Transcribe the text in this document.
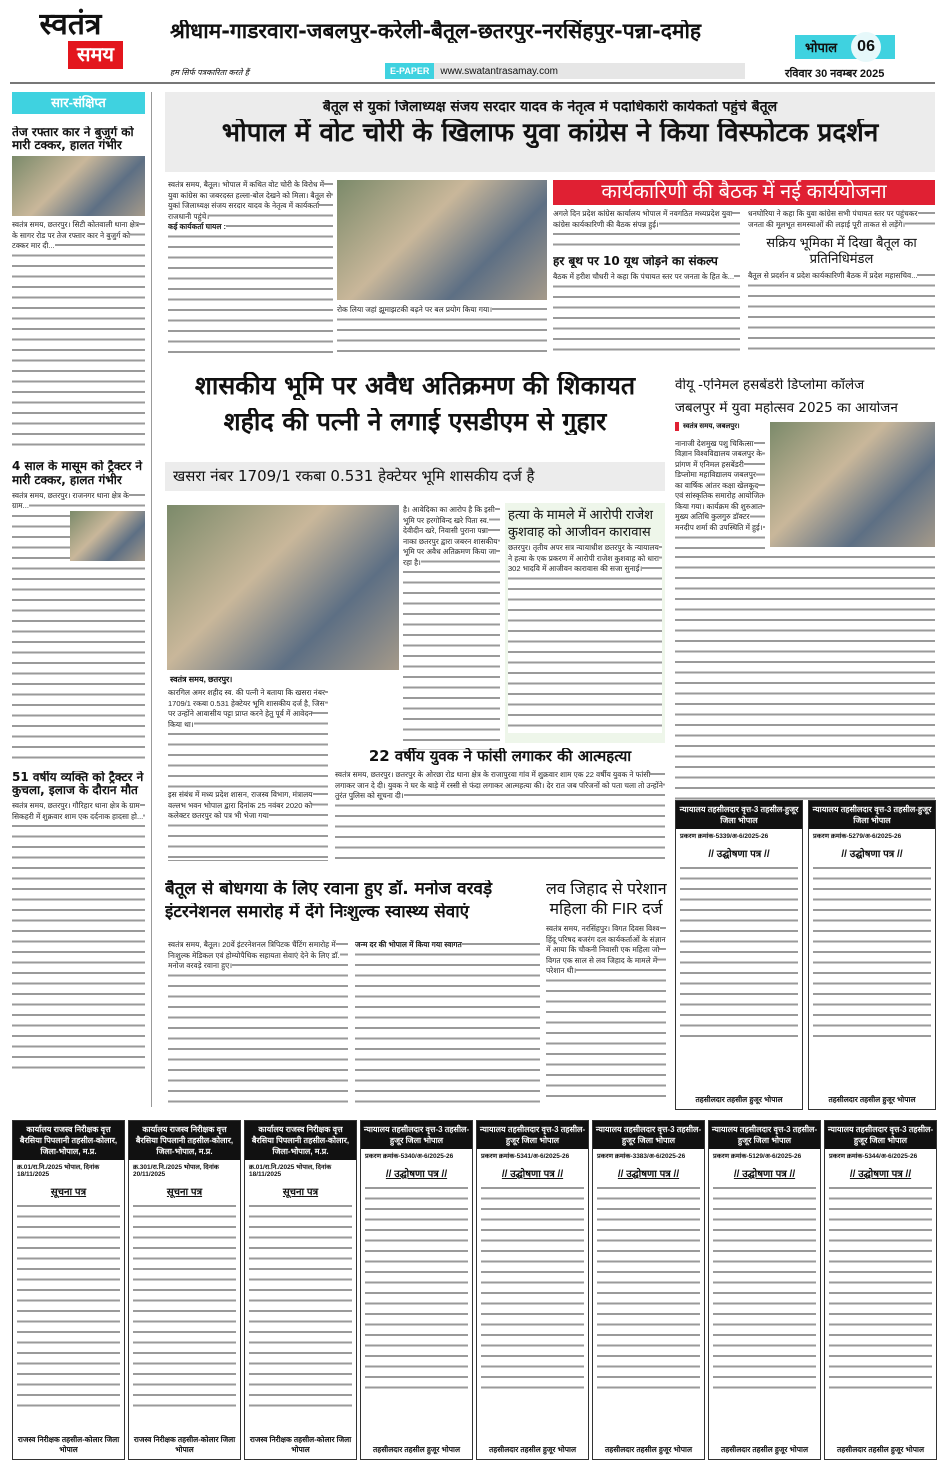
स्वतंत्र
समय
श्रीधाम-गाडरवारा-जबलपुर-करेली-बैतूल-छतरपुर-नरसिंहपुर-पन्ना-दमोह
भोपाल	06
हम सिर्फ पत्रकारिता करते हैं	E-PAPER	www.swatantrasamay.com	रविवार 30 नवम्बर 2025
सार-संक्षिप्त
तेज रफ्तार कार ने बुजुर्ग को मारी टक्कर, हालत गंभीर
स्वतंत्र समय, छतरपुर। सिटी कोतवाली थाना क्षेत्र के सागर रोड पर तेज रफ्तार कार ने बुजुर्ग को टक्कर मार दी...
4 साल के मासूम को ट्रैक्टर ने मारी टक्कर, हालत गंभीर
स्वतंत्र समय, छतरपुर। राजनगर थाना क्षेत्र के ग्राम...
51 वर्षीय व्यक्ति को ट्रैक्टर ने कुचला, इलाज के दौरान मौत
स्वतंत्र समय, छतरपुर। गौरिहार थाना क्षेत्र के ग्राम सिकहरी में शुक्रवार शाम एक दर्दनाक हादसा हो...
बैतूल से युकां जिलाध्यक्ष संजय सरदार यादव के नेतृत्व में पदाधिकारी कार्यकर्ता पहुंचे बैतूल
भोपाल में वोट चोरी के खिलाफ युवा कांग्रेस ने किया विस्फोटक प्रदर्शन
स्वतंत्र समय, बैतूल। भोपाल में कथित वोट चोरी के विरोध में युवा कांग्रेस का जबरदस्त हल्ला-बोल देखने को मिला। बैतूल से युकां जिलाध्यक्ष संजय सरदार यादव के नेतृत्व में कार्यकर्ता राजधानी पहुंचे।
कई कार्यकर्ता घायल :
रोक लिया जहां झूमाझटकी बढ़ने पर बल प्रयोग किया गया।
कार्यकारिणी की बैठक में नई कार्ययोजना
अगले दिन प्रदेश कांग्रेस कार्यालय भोपाल में नवगठित मध्यप्रदेश युवा कांग्रेस कार्यकारिणी की बैठक संपन्न हुई।
हर बूथ पर 10 यूथ जोड़ने का संकल्प
बैठक में हरीश चौधरी ने कहा कि पंचायत स्तर पर जनता के हित के...
धनघोरिया ने कहा कि युवा कांग्रेस सभी पंचायत स्तर पर पहुंचकर जनता की मूलभूत समस्याओं की लड़ाई पूरी ताकत से लड़ेंगे।
सक्रिय भूमिका में दिखा बैतूल का प्रतिनिधिमंडल
बैतूल से प्रदर्शन व प्रदेश कार्यकारिणी बैठक में प्रदेश महासचिव...
शासकीय भूमि पर अवैध अतिक्रमण की शिकायत
शहीद की पत्नी ने लगाई एसडीएम से गुहार
खसरा नंबर 1709/1 रकबा 0.531 हेक्टेयर भूमि शासकीय दर्ज है
स्वतंत्र समय, छतरपुर।
है। आवेदिका का आरोप है कि इसी भूमि पर हरगोविन्द खरे पिता स्व. देवीदीन खरे, निवासी पुराना पन्ना नाका छतरपुर द्वारा जबरन शासकीय भूमि पर अवैध अतिक्रमण किया जा रहा है।
कारगिल अमर शहीद स्व. की पत्नी ने बताया कि खसरा नंबर 1709/1 रकबा 0.531 हेक्टेयर भूमि शासकीय दर्ज है, जिस पर उन्होंने आवासीय पट्टा प्राप्त करने हेतु पूर्व में आवेदन किया था।
हत्या के मामले में आरोपी राजेश कुशवाह को आजीवन कारावास
छतरपुर। तृतीय अपर सत्र न्यायाधीश छतरपुर के न्यायालय ने हत्या के एक प्रकरण में आरोपी राजेश कुशवाह को धारा 302 भादवि में आजीवन कारावास की सजा सुनाई।
22 वर्षीय युवक ने फांसी लगाकर की आत्महत्या
स्वतंत्र समय, छतरपुर। छतरपुर के ओरछा रोड थाना क्षेत्र के राजापुरवा गांव में शुक्रवार शाम एक 22 वर्षीय युवक ने फांसी लगाकर जान दे दी। युवक ने घर के बाड़े में रस्सी से फंदा लगाकर आत्महत्या की। देर रात जब परिजनों को पता चला तो उन्होंने तुरंत पुलिस को सूचना दी।
इस संबंध में मध्य प्रदेश शासन, राजस्व विभाग, मंत्रालय वल्लभ भवन भोपाल द्वारा दिनांक 25 नवंबर 2020 को कलेक्टर छतरपुर को पत्र भी भेजा गया
वीयू -एनिमल हसबेंडरी डिप्लोमा कॉलेज
जबलपुर में युवा महोत्सव 2025 का आयोजन
स्वतंत्र समय, जबलपुर।
नानाजी देशमुख पशु चिकित्सा विज्ञान विश्वविद्यालय जबलपुर के प्रांगण में एनिमल हसबेंडरी डिप्लोमा महाविद्यालय जबलपुर का वार्षिक आंतर कक्षा खेलकूद एवं सांस्कृतिक समारोह आयोजित किया गया। कार्यक्रम की शुरुआत मुख्य अतिथि कुलगुरु डॉक्टर मनदीप शर्मा की उपस्थिति में हुई।
बैतूल से बोधगया के लिए रवाना हुए डॉ. मनोज वरवड़े
इंटरनेशनल समारोह में देंगे निःशुल्क स्वास्थ्य सेवाएं
स्वतंत्र समय, बैतूल। 20वें इंटरनेशनल त्रिपिटक चैंटिंग समारोह में निःशुल्क मेडिकल एवं होम्योपैथिक सहायता सेवाएं देने के लिए डॉ. मनोज वरवड़े रवाना हुए।
जन्म दर की भोपाल में किया गया स्वागत
लव जिहाद से परेशान
महिला की FIR दर्ज
स्वतंत्र समय, नरसिंहपुर। विगत दिवस विश्व हिंदू परिषद बजरंग दल कार्यकर्ताओं के संज्ञान में आया कि चौकनी निवासी एक महिला जो विगत एक साल से लव जिहाद के मामले में परेशान थी।
न्यायालय तहसीलदार वृत्त-3 तहसील-हुजूर जिला भोपाल
प्रकरण क्रमांक-5339/अ-6/2025-26
// उद्घोषणा पत्र //
तहसीलदार तहसील हुजूर भोपाल
न्यायालय तहसीलदार वृत्त-3 तहसील-हुजूर जिला भोपाल
प्रकरण क्रमांक-5279/अ-6/2025-26
// उद्घोषणा पत्र //
तहसीलदार तहसील हुजूर भोपाल
कार्यालय राजस्व निरीक्षक वृत्त बैरसिया पिपलानी तहसील-कोलार, जिला-भोपाल, म.प्र.
क्र.01/रा.नि./2025 भोपाल, दिनांक 18/11/2025
सूचना पत्र
राजस्व निरीक्षक तहसील-कोलार जिला भोपाल
कार्यालय राजस्व निरीक्षक वृत्त बैरसिया पिपलानी तहसील-कोलार, जिला-भोपाल, म.प्र.
क्र.301/रा.नि./2025 भोपाल, दिनांक 20/11/2025
सूचना पत्र
राजस्व निरीक्षक तहसील-कोलार जिला भोपाल
कार्यालय राजस्व निरीक्षक वृत्त बैरसिया पिपलानी तहसील-कोलार, जिला-भोपाल, म.प्र.
क्र.01/रा.नि./2025 भोपाल, दिनांक 18/11/2025
सूचना पत्र
राजस्व निरीक्षक तहसील-कोलार जिला भोपाल
न्यायालय तहसीलदार वृत्त-3 तहसील-हुजूर जिला भोपाल
प्रकरण क्रमांक-5340/अ-6/2025-26
// उद्घोषणा पत्र //
तहसीलदार तहसील हुजूर भोपाल
न्यायालय तहसीलदार वृत्त-3 तहसील-हुजूर जिला भोपाल
प्रकरण क्रमांक-5341/अ-6/2025-26
// उद्घोषणा पत्र //
तहसीलदार तहसील हुजूर भोपाल
न्यायालय तहसीलदार वृत्त-3 तहसील-हुजूर जिला भोपाल
प्रकरण क्रमांक-3383/अ-6/2025-26
// उद्घोषणा पत्र //
तहसीलदार तहसील हुजूर भोपाल
न्यायालय तहसीलदार वृत्त-3 तहसील-हुजूर जिला भोपाल
प्रकरण क्रमांक-5129/अ-6/2025-26
// उद्घोषणा पत्र //
तहसीलदार तहसील हुजूर भोपाल
न्यायालय तहसीलदार वृत्त-3 तहसील-हुजूर जिला भोपाल
प्रकरण क्रमांक-5344/अ-6/2025-26
// उद्घोषणा पत्र //
तहसीलदार तहसील हुजूर भोपाल
